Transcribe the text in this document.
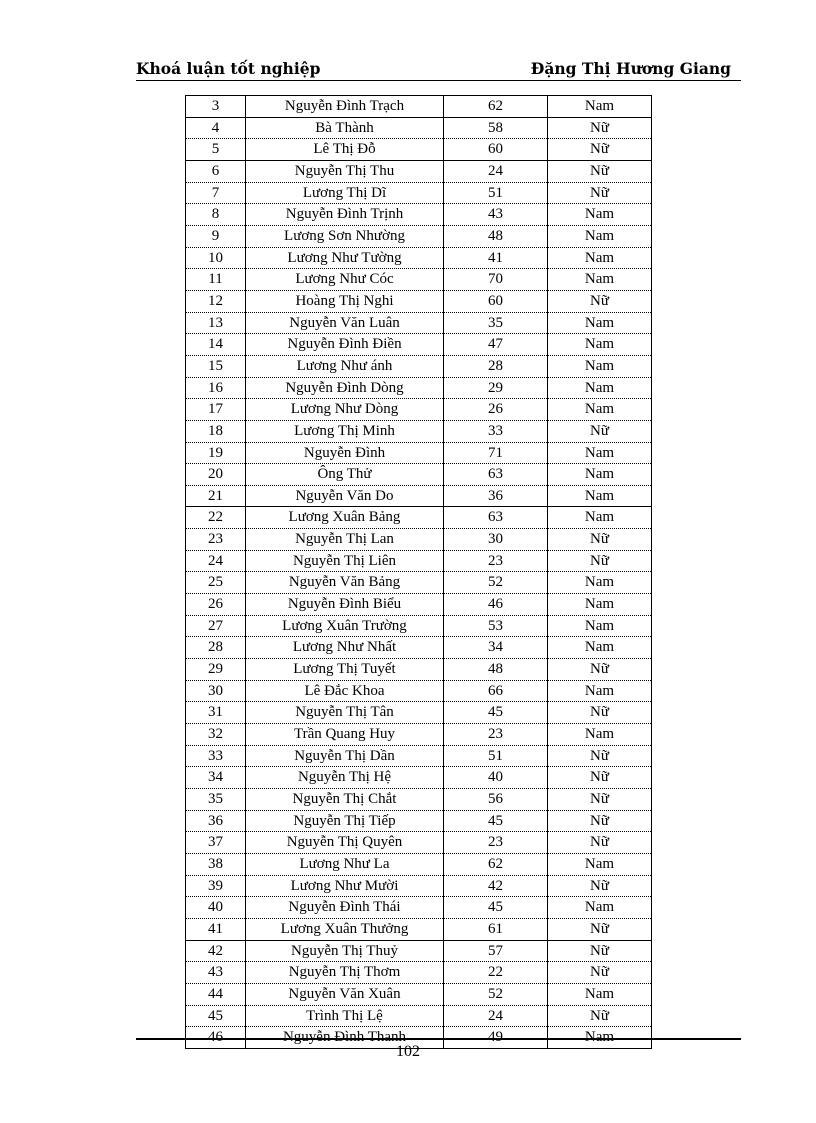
Khoá luận tốt nghiệp	Đặng Thị Hương Giang
3	Nguyễn Đình Trạch	62	Nam
4	Bà Thành	58	Nữ
5	Lê Thị Đỗ	60	Nữ
6	Nguyễn Thị Thu	24	Nữ
7	Lương Thị Dĩ	51	Nữ
8	Nguyễn Đình Trịnh	43	Nam
9	Lương Sơn Nhường	48	Nam
10	Lương Như Tường	41	Nam
11	Lương Như Cóc	70	Nam
12	Hoàng Thị Nghi	60	Nữ
13	Nguyễn Văn Luân	35	Nam
14	Nguyễn Đình Điền	47	Nam
15	Lương Như ánh	28	Nam
16	Nguyễn Đình Dòng	29	Nam
17	Lương Như Dòng	26	Nam
18	Lương Thị Minh	33	Nữ
19	Nguyễn Đình	71	Nam
20	Ông Thử	63	Nam
21	Nguyễn Văn Do	36	Nam
22	Lương Xuân Bảng	63	Nam
23	Nguyễn Thị Lan	30	Nữ
24	Nguyễn Thị Liên	23	Nữ
25	Nguyễn Văn Bảng	52	Nam
26	Nguyễn Đình Biểu	46	Nam
27	Lương Xuân Trường	53	Nam
28	Lương Như Nhất	34	Nam
29	Lương Thị Tuyết	48	Nữ
30	Lê Đắc Khoa	66	Nam
31	Nguyễn Thị Tân	45	Nữ
32	Trần Quang Huy	23	Nam
33	Nguyễn Thị Dần	51	Nữ
34	Nguyễn Thị Hệ	40	Nữ
35	Nguyễn Thị Chắt	56	Nữ
36	Nguyễn Thị Tiếp	45	Nữ
37	Nguyễn Thị Quyên	23	Nữ
38	Lương Như La	62	Nam
39	Lương Như Mười	42	Nữ
40	Nguyễn Đình Thái	45	Nam
41	Lương Xuân Thưởng	61	Nữ
42	Nguyễn Thị Thuỷ	57	Nữ
43	Nguyễn Thị Thơm	22	Nữ
44	Nguyễn Văn Xuân	52	Nam
45	Trình Thị Lệ	24	Nữ
46	Nguyễn Đình Thanh	49	Nam
102
